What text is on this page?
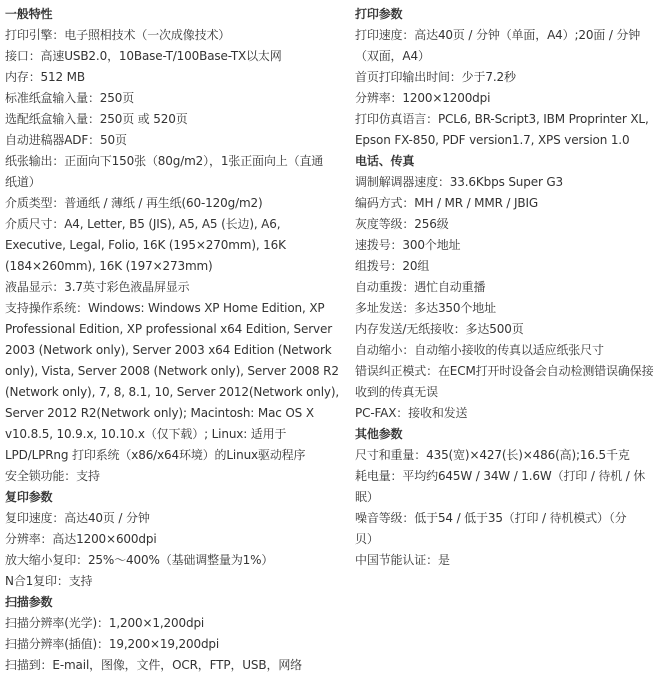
一般特性
打印引擎：电子照相技术（一次成像技术）
接口：高速USB2.0，10Base-T/100Base-TX以太网
内存：512 MB
标准纸盒输入量：250页
选配纸盒输入量：250页 或 520页
自动进稿器ADF：50页
纸张输出：正面向下150张（80g/m2），1张正面向上（直通
纸道）
介质类型：普通纸 / 薄纸 / 再生纸(60-120g/m2)
介质尺寸：A4, Letter, B5 (JIS), A5, A5 (长边), A6,
Executive, Legal, Folio, 16K (195×270mm), 16K
(184×260mm), 16K (197×273mm)
液晶显示：3.7英寸彩色液晶屏显示
支持操作系统：Windows: Windows XP Home Edition, XP
Professional Edition, XP professional x64 Edition, Server
2003 (Network only), Server 2003 x64 Edition (Network
only), Vista, Server 2008 (Network only), Server 2008 R2
(Network only), 7, 8, 8.1, 10, Server 2012(Network only),
Server 2012 R2(Network only); Macintosh: Mac OS X
v10.8.5, 10.9.x, 10.10.x（仅下载）; Linux: 适用于
LPD/LPRng 打印系统（x86/x64环境）的Linux驱动程序
安全锁功能：支持
复印参数
复印速度：高达40页 / 分钟
分辨率：高达1200×600dpi
放大缩小复印：25%～400%（基础调整量为1%）
N合1复印：支持
扫描参数
扫描分辨率(光学)：1,200×1,200dpi
扫描分辨率(插值)：19,200×19,200dpi
扫描到：E-mail，图像，文件，OCR，FTP，USB，网络
打印参数
打印速度：高达40页 / 分钟（单面，A4）;20面 / 分钟
（双面，A4）
首页打印输出时间：少于7.2秒
分辨率：1200×1200dpi
打印仿真语言：PCL6, BR-Script3, IBM Proprinter XL,
Epson FX-850, PDF version1.7, XPS version 1.0
电话、传真
调制解调器速度：33.6Kbps Super G3
编码方式：MH / MR / MMR / JBIG
灰度等级：256级
速拨号：300个地址
组拨号：20组
自动重拨：遇忙自动重播
多址发送：多达350个地址
内存发送/无纸接收：多达500页
自动缩小：自动缩小接收的传真以适应纸张尺寸
错误纠正模式：在ECM打开时设备会自动检测错误确保接
收到的传真无误
PC-FAX：接收和发送
其他参数
尺寸和重量：435(宽)×427(长)×486(高);16.5千克
耗电量：平均约645W / 34W / 1.6W（打印 / 待机 / 休
眠）
噪音等级：低于54 / 低于35（打印 / 待机模式）（分
贝）
中国节能认证：是
